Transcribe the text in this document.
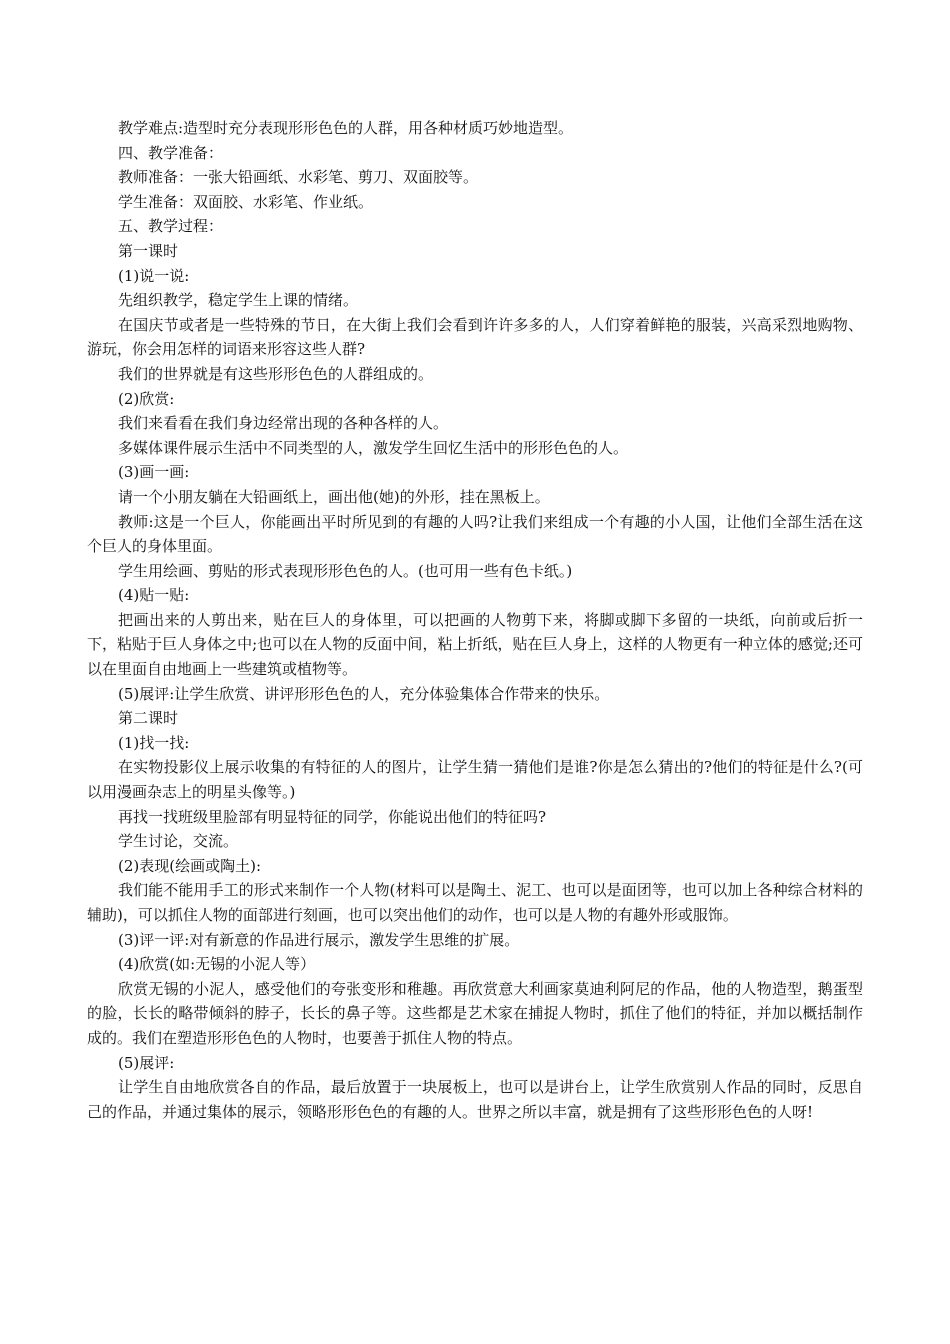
教学难点:造型时充分表现形形色色的人群，用各种材质巧妙地造型。

四、教学准备：

教师准备：一张大铅画纸、水彩笔、剪刀、双面胶等。

学生准备：双面胶、水彩笔、作业纸。

五、教学过程：

第一课时

(1)说一说:

先组织教学，稳定学生上课的情绪。

在国庆节或者是一些特殊的节日，在大街上我们会看到许许多多的人，人们穿着鲜艳的服装，兴高采烈地购物、游玩，你会用怎样的词语来形容这些人群?

我们的世界就是有这些形形色色的人群组成的。

(2)欣赏:

我们来看看在我们身边经常出现的各种各样的人。

多媒体课件展示生活中不同类型的人，激发学生回忆生活中的形形色色的人。

(3)画一画:

请一个小朋友躺在大铅画纸上，画出他(她)的外形，挂在黑板上。

教师:这是一个巨人，你能画出平时所见到的有趣的人吗?让我们来组成一个有趣的小人国，让他们全部生活在这个巨人的身体里面。

学生用绘画、剪贴的形式表现形形色色的人。(也可用一些有色卡纸。)

(4)贴一贴:

把画出来的人剪出来，贴在巨人的身体里，可以把画的人物剪下来，将脚或脚下多留的一块纸，向前或后折一下，粘贴于巨人身体之中;也可以在人物的反面中间，粘上折纸，贴在巨人身上，这样的人物更有一种立体的感觉;还可以在里面自由地画上一些建筑或植物等。

(5)展评:让学生欣赏、讲评形形色色的人，充分体验集体合作带来的快乐。

第二课时

(1)找一找:

在实物投影仪上展示收集的有特征的人的图片，让学生猜一猜他们是谁?你是怎么猜出的?他们的特征是什么?(可以用漫画杂志上的明星头像等。)

再找一找班级里脸部有明显特征的同学，你能说出他们的特征吗?

学生讨论，交流。

(2)表现(绘画或陶土):

我们能不能用手工的形式来制作一个人物(材料可以是陶土、泥工、也可以是面团等，也可以加上各种综合材料的辅助)，可以抓住人物的面部进行刻画，也可以突出他们的动作，也可以是人物的有趣外形或服饰。

(3)评一评:对有新意的作品进行展示，激发学生思维的扩展。

(4)欣赏(如:无锡的小泥人等）

欣赏无锡的小泥人，感受他们的夸张变形和稚趣。再欣赏意大利画家莫迪利阿尼的作品，他的人物造型，鹅蛋型的脸，长长的略带倾斜的脖子，长长的鼻子等。这些都是艺术家在捕捉人物时，抓住了他们的特征，并加以概括制作成的。我们在塑造形形色色的人物时，也要善于抓住人物的特点。

(5)展评:

让学生自由地欣赏各自的作品，最后放置于一块展板上，也可以是讲台上，让学生欣赏别人作品的同时，反思自己的作品，并通过集体的展示，领略形形色色的有趣的人。世界之所以丰富，就是拥有了这些形形色色的人呀!
